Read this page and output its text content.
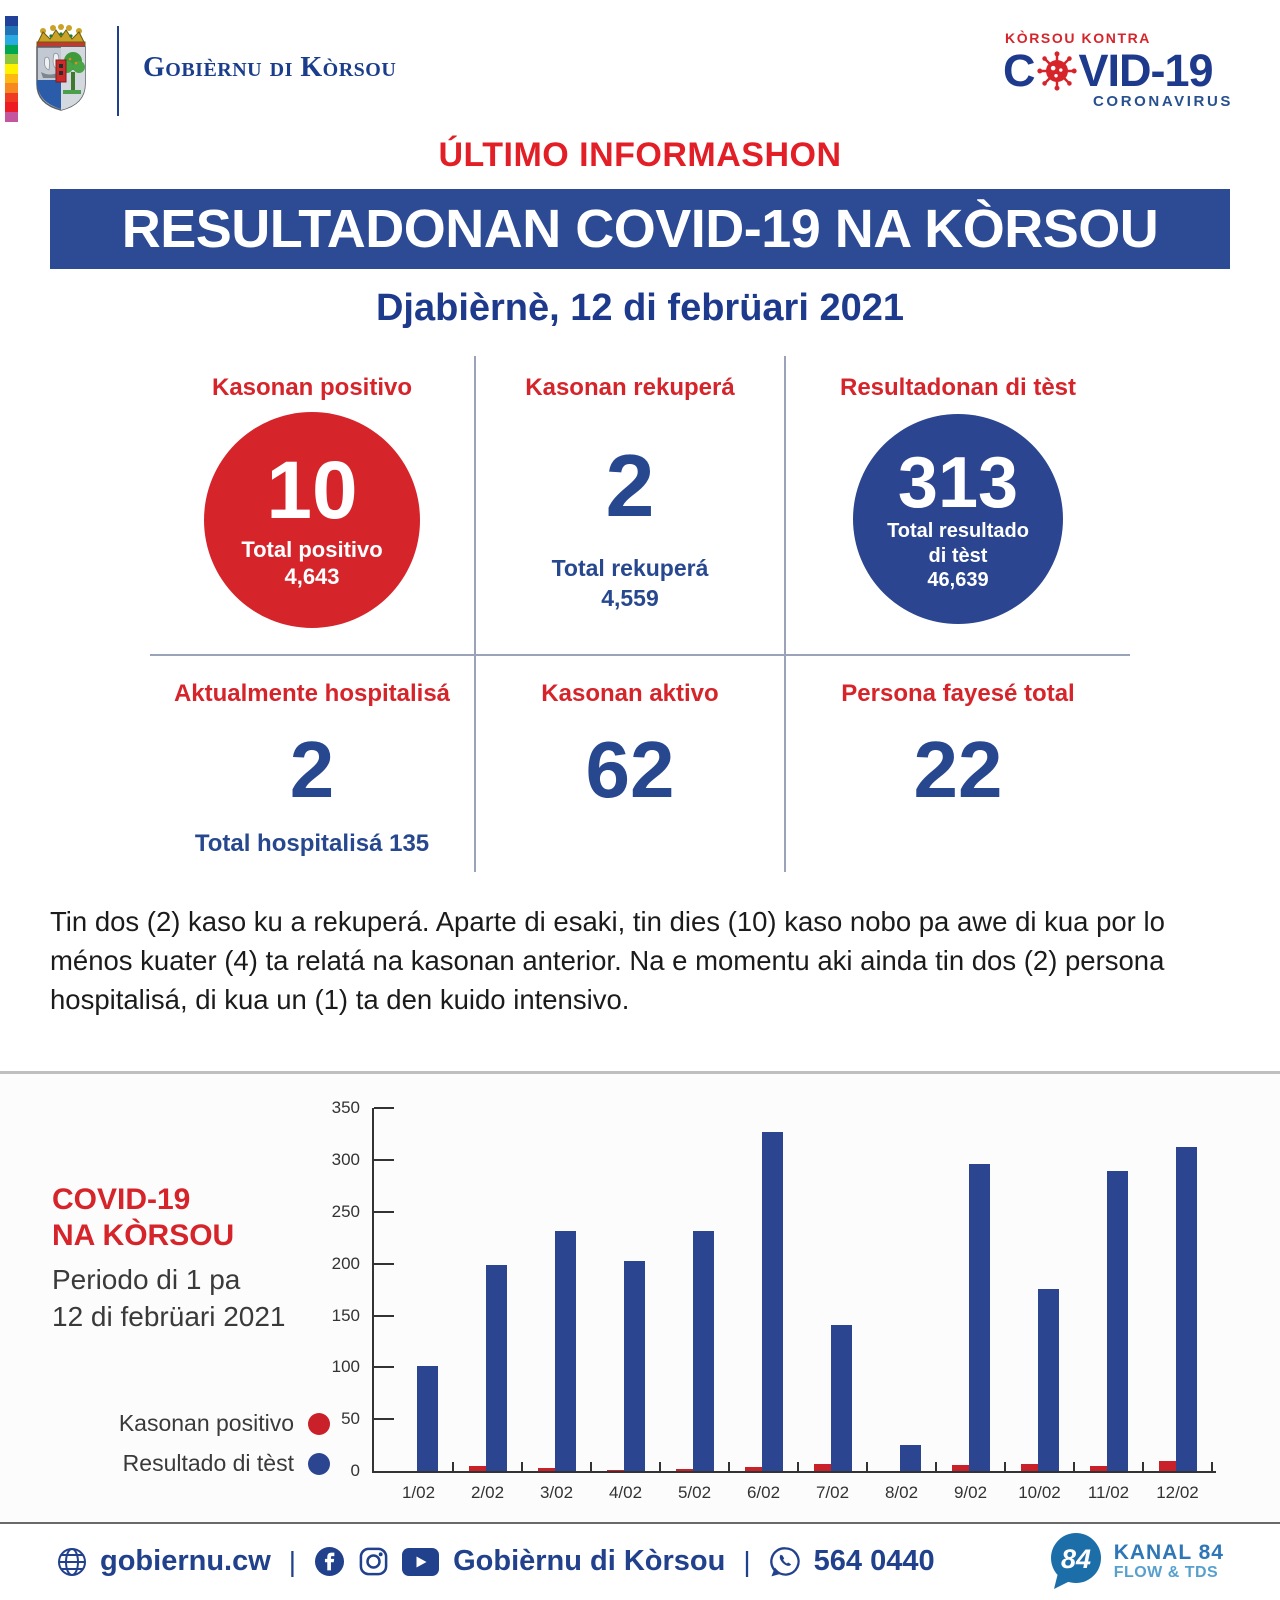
Gobièrnu di Kòrsou
KÒRSOU KONTRA
C VID-19
CORONAVIRUS
ÚLTIMO INFORMASHON
RESULTADONAN COVID-19 NA KÒRSOU
Djabièrnè, 12 di febrüari 2021
Kasonan positivo
10
Total positivo
4,643
Kasonan rekuperá
2
Total rekuperá
4,559
Resultadonan di tèst
313
Total resultado
di tèst
46,639
Aktualmente hospitalisá
2
Total hospitalisá 135
Kasonan aktivo
62
Persona fayesé total
22
Tin dos (2) kaso ku a rekuperá. Aparte di esaki, tin dies (10) kaso nobo pa awe di kua por lo ménos kuater (4) ta relatá na kasonan anterior. Na e momentu aki ainda tin dos (2) persona hospitalisá, di kua un (1) ta den kuido intensivo.
COVID-19
NA KÒRSOU
Periodo di 1 pa
12 di febrüari 2021
Kasonan positivo
Resultado di tèst
1/02	2/02	3/02	4/02	5/02	6/02	7/02	8/02	9/02	10/02	11/02	12/02
0
50
100
150
200
250
300
350
gobiernu.cw |	Gobièrnu di Kòrsou | 564 0440	84 KANAL 84
FLOW & TDS
